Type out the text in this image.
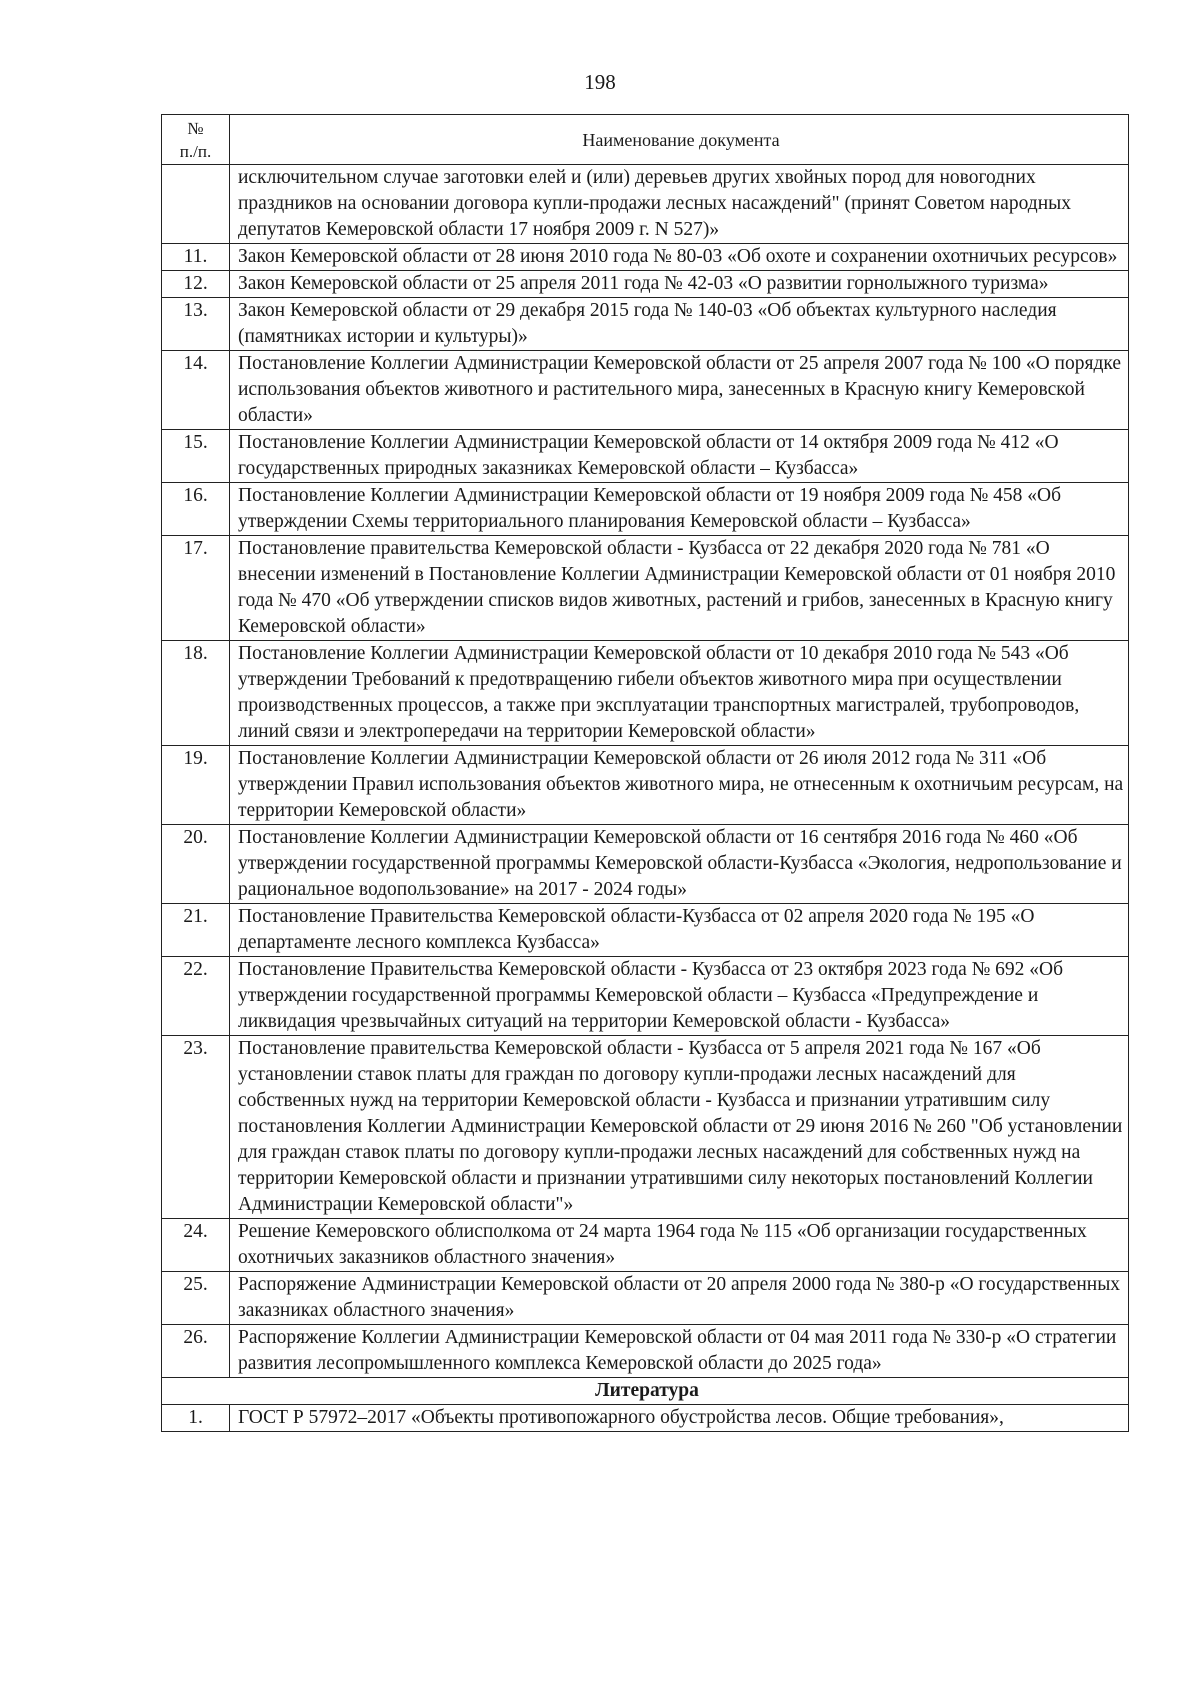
198
№
п./п.	Наименование документа
	исключительном случае заготовки елей и (или) деревьев других хвойных пород для новогодних праздников на основании договора купли-продажи лесных насаждений" (принят Советом народных депутатов Кемеровской области 17 ноября 2009 г. N 527)»
11.	Закон Кемеровской области от 28 июня 2010 года № 80-03 «Об охоте и сохранении охотничьих ресурсов»
12.	Закон Кемеровской области от 25 апреля 2011 года № 42-03 «О развитии горнолыжного туризма»
13.	Закон Кемеровской области от 29 декабря 2015 года № 140-03 «Об объектах культурного наследия (памятниках истории и культуры)»
14.	Постановление Коллегии Администрации Кемеровской области от 25 апреля 2007 года № 100 «О порядке использования объектов животного и растительного мира, занесенных в Красную книгу Кемеровской области»
15.	Постановление Коллегии Администрации Кемеровской области от 14 октября 2009 года № 412 «О государственных природных заказниках Кемеровской области – Кузбасса»
16.	Постановление Коллегии Администрации Кемеровской области от 19 ноября 2009 года № 458 «Об утверждении Схемы территориального планирования Кемеровской области – Кузбасса»
17.	Постановление правительства Кемеровской области - Кузбасса от 22 декабря 2020 года № 781 «О внесении изменений в Постановление Коллегии Администрации Кемеровской области от 01 ноября 2010 года № 470 «Об утверждении списков видов животных, растений и грибов, занесенных в Красную книгу Кемеровской области»
18.	Постановление Коллегии Администрации Кемеровской области от 10 декабря 2010 года № 543 «Об утверждении Требований к предотвращению гибели объектов животного мира при осуществлении производственных процессов, а также при эксплуатации транспортных магистралей, трубопроводов, линий связи и электропередачи на территории Кемеровской области»
19.	Постановление Коллегии Администрации Кемеровской области от 26 июля 2012 года № 311 «Об утверждении Правил использования объектов животного мира, не отнесенным к охотничьим ресурсам, на территории Кемеровской области»
20.	Постановление Коллегии Администрации Кемеровской области от 16 сентября 2016 года № 460 «Об утверждении государственной программы Кемеровской области-Кузбасса «Экология, недропользование и рациональное водопользование» на 2017 - 2024 годы»
21.	Постановление Правительства Кемеровской области-Кузбасса от 02 апреля 2020 года № 195 «О департаменте лесного комплекса Кузбасса»
22.	Постановление Правительства Кемеровской области - Кузбасса от 23 октября 2023 года № 692 «Об утверждении государственной программы Кемеровской области – Кузбасса «Предупреждение и ликвидация чрезвычайных ситуаций на территории Кемеровской области - Кузбасса»
23.	Постановление правительства Кемеровской области - Кузбасса от 5 апреля 2021 года № 167 «Об установлении ставок платы для граждан по договору купли-продажи лесных насаждений для собственных нужд на территории Кемеровской области - Кузбасса и признании утратившим силу постановления Коллегии Администрации Кемеровской области от 29 июня 2016 № 260 "Об установлении для граждан ставок платы по договору купли-продажи лесных насаждений для собственных нужд на территории Кемеровской области и признании утратившими силу некоторых постановлений Коллегии Администрации Кемеровской области"»
24.	Решение Кемеровского облисполкома от 24 марта 1964 года № 115 «Об организации государственных охотничьих заказников областного значения»
25.	Распоряжение Администрации Кемеровской области от 20 апреля 2000 года № 380-р «О государственных заказниках областного значения»
26.	Распоряжение Коллегии Администрации Кемеровской области от 04 мая 2011 года № 330-р «О стратегии развития лесопромышленного комплекса Кемеровской области до 2025 года»
Литература	
1.	ГОСТ Р 57972–2017 «Объекты противопожарного обустройства лесов. Общие требования»,
